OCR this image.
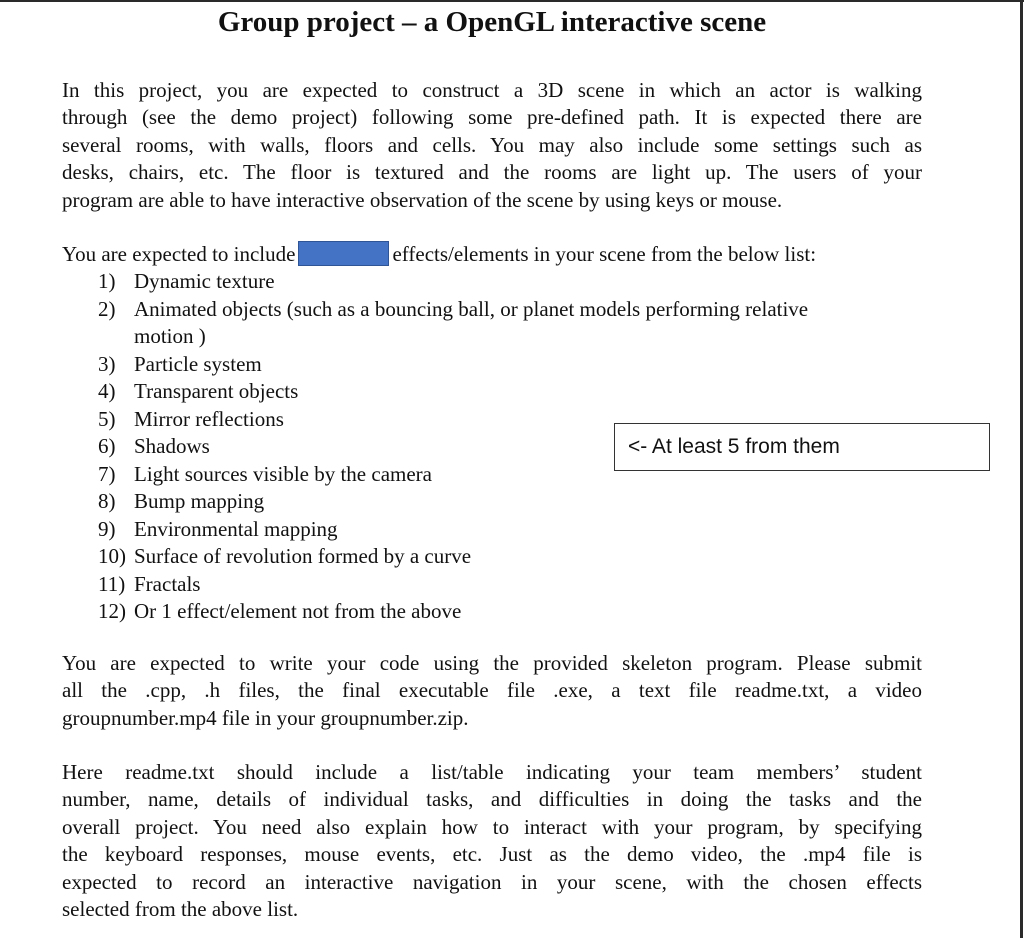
Group project – a OpenGL interactive scene

In this project, you are expected to construct a 3D scene in which an actor is walking
through (see the demo project) following some pre-defined path. It is expected there are
several rooms, with walls, floors and cells. You may also include some settings such as
desks, chairs, etc. The floor is textured and the rooms are light up. The users of your
program are able to have interactive observation of the scene by using keys or mouse.

You are expected to include	effects/elements in your scene from the below list:
1) Dynamic texture
2) Animated objects (such as a bouncing ball, or planet models performing relative
motion )
3) Particle system
4) Transparent objects
5) Mirror reflections
6) Shadows
7) Light sources visible by the camera
8) Bump mapping
9) Environmental mapping
10) Surface of revolution formed by a curve
11) Fractals
12) Or 1 effect/element not from the above
<- At least 5 from them

You are expected to write your code using the provided skeleton program. Please submit
all the .cpp, .h files, the final executable file .exe, a text file readme.txt, a video
groupnumber.mp4 file in your groupnumber.zip.

Here readme.txt should include a list/table indicating your team members’ student
number, name, details of individual tasks, and difficulties in doing the tasks and the
overall project. You need also explain how to interact with your program, by specifying
the keyboard responses, mouse events, etc. Just as the demo video, the .mp4 file is
expected to record an interactive navigation in your scene, with the chosen effects
selected from the above list.
